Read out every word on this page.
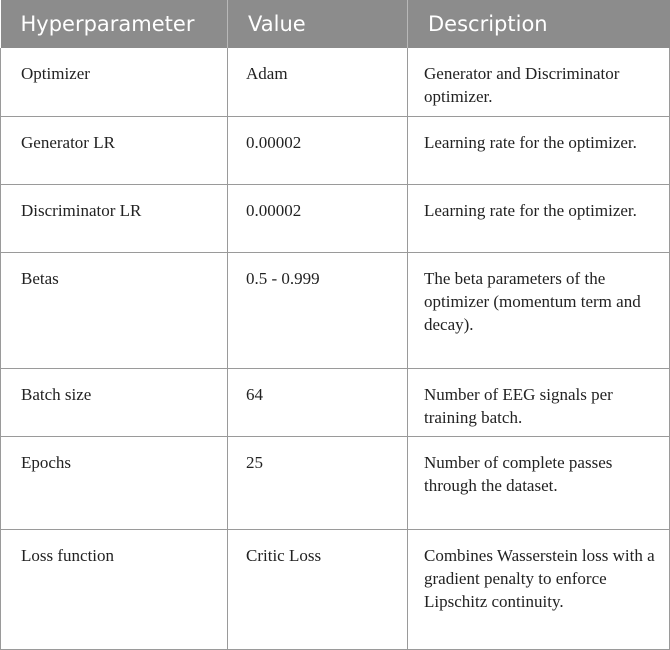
Hyperparameter	Value	Description
Optimizer	Adam	Generator and Discriminator optimizer.
Generator LR	0.00002	Learning rate for the optimizer.
Discriminator LR	0.00002	Learning rate for the optimizer.
Betas	0.5 - 0.999	The beta parameters of the optimizer (momentum term and decay).
Batch size	64	Number of EEG signals per training batch.
Epochs	25	Number of complete passes through the dataset.
Loss function	Critic Loss	Combines Wasserstein loss with a gradient penalty to enforce Lipschitz continuity.
